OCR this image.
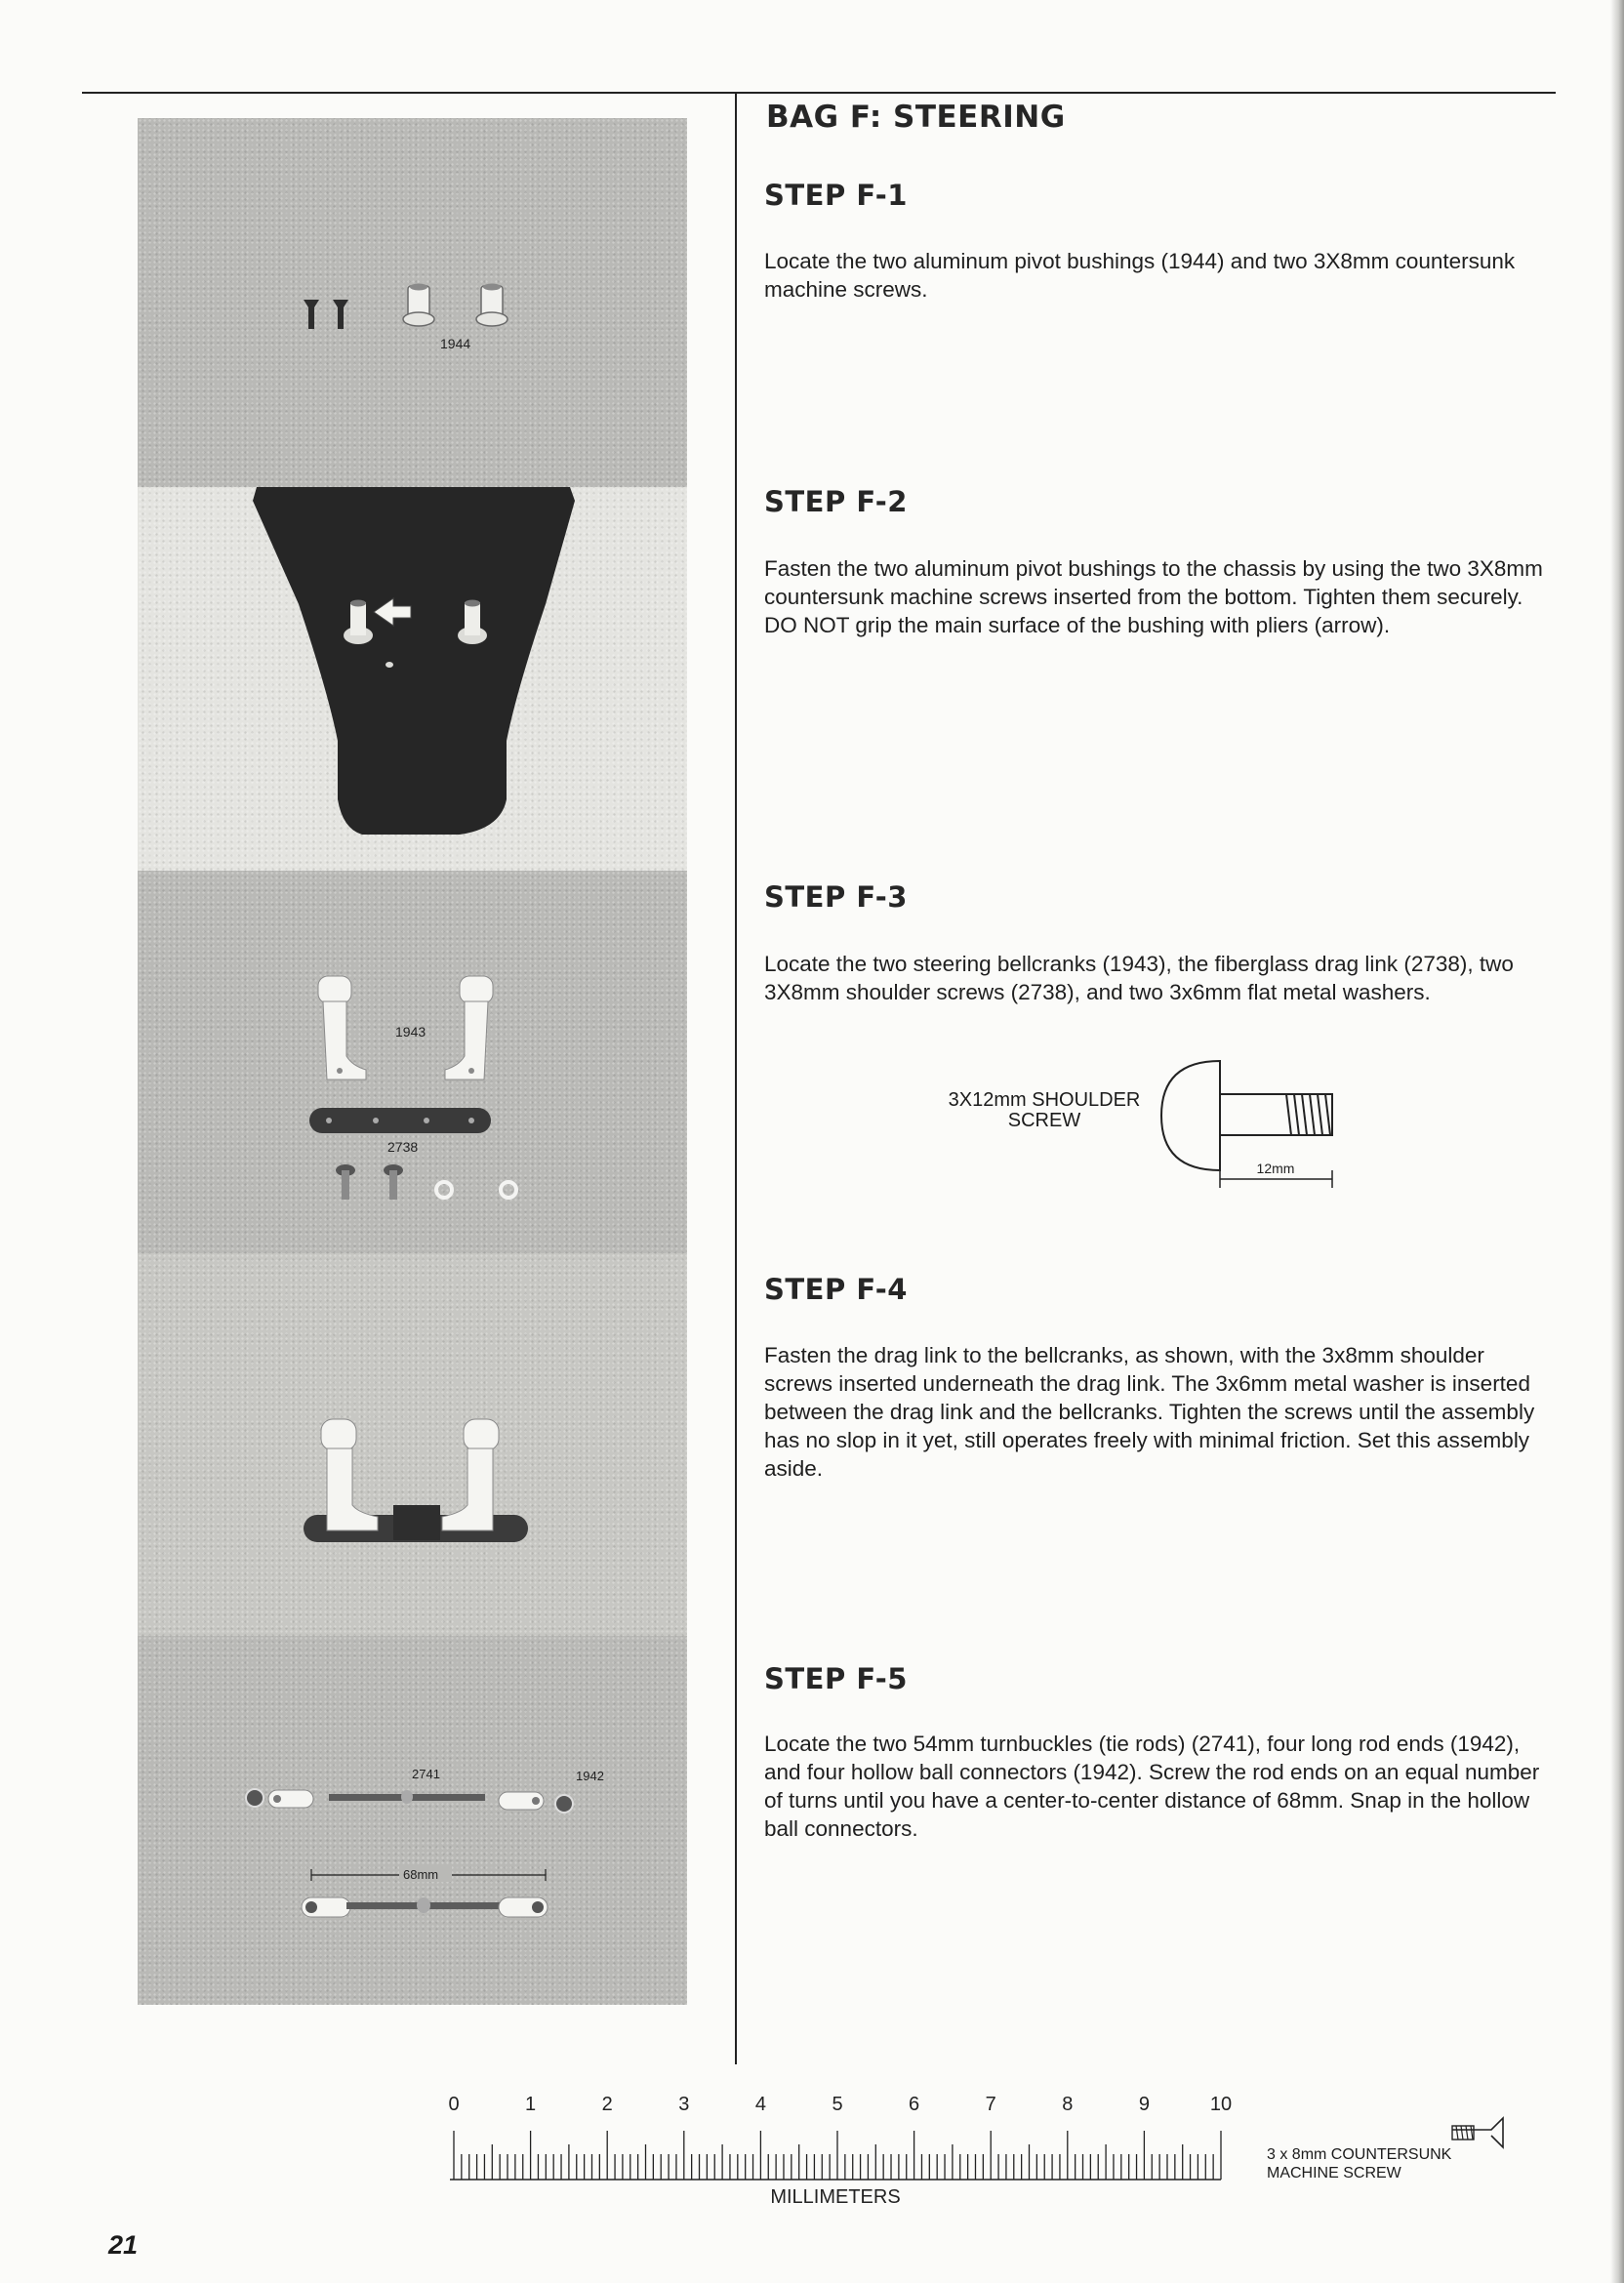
1944
1943
2738
2741	1942
68mm
BAG F: STEERING
STEP F-1

Locate the two aluminum pivot bushings (1944) and two 3X8mm countersunk machine screws.

STEP F-2

Fasten the two aluminum pivot bushings to the chassis by using the two 3X8mm countersunk machine screws inserted from the bottom. Tighten them securely. DO NOT grip the main surface of the bushing with pliers (arrow).

STEP F-3

Locate the two steering bellcranks (1943), the fiberglass drag link (2738), two 3X8mm shoulder screws (2738), and two 3x6mm flat metal washers.

12mm
3X12mm SHOULDER
SCREW
STEP F-4

Fasten the drag link to the bellcranks, as shown, with the 3x8mm shoulder screws inserted underneath the drag link. The 3x6mm metal washer is inserted between the drag link and the bellcranks. Tighten the screws until the assembly has no slop in it yet, still operates freely with minimal friction. Set this assembly aside.

STEP F-5

Locate the two 54mm turnbuckles (tie rods) (2741), four long rod ends (1942), and four hollow ball connectors (1942). Screw the rod ends on an equal number of turns until you have a center-to-center distance of 68mm. Snap in the hollow ball connectors.

0	1	2	3	4	5	6	7	8	9	10
MILLIMETERS
3 x 8mm COUNTERSUNK
MACHINE SCREW
21
